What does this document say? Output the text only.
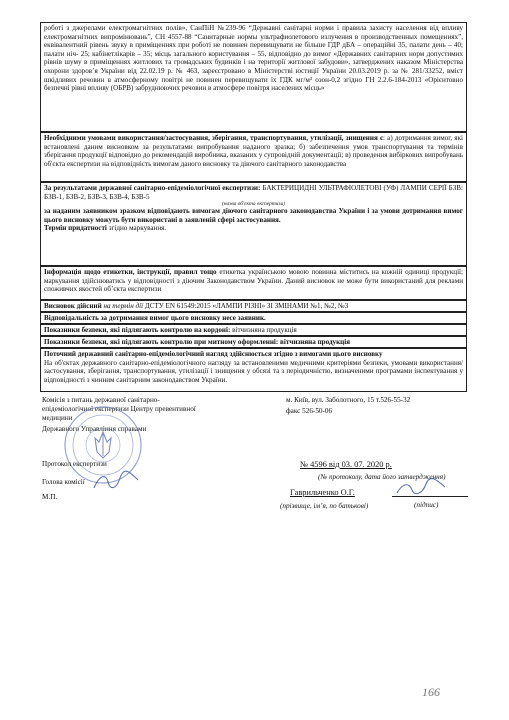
роботі з джерелами електромагнітних полів», СанПіН №239-96 “Державні санітарні норми і правила захисту населення від впливу електромагнітних випромінювань”, СН 4557-88 “Санитарные нормы ультрафиолетового излучения в производственных помещениях”, еквівалентний рівень звуку в приміщеннях при роботі не повинен перевищувати не більше ГДР дБА – операційні 35, палати день – 40; палати ніч- 25; кабінетлікарів – 35; місць загального користування – 55, відповідно до вимог «Державних санітарних норм допустимих рівнів шуму в приміщеннях житлових та громадських будинків і на території житлової забудови», затверджених наказом Міністерства охорони здоров’я України від 22.02.19 р. № 463, зареєстровано в Міністерстві юстиції України 20.03.2019 р. за № 281/33252, вміст шкідливих речовин в атмосферному повітрі не повинен перевищувати їх ГДК мг/м³ озон-0,2 згідно ГН 2.2.6-184-2013 «Орієнтовно безпечні рівні впливу (ОБРВ) забруднюючих речовин в атмосфере повітря населених місць»
Необхідними умовами використання/застосування, зберігання, транспортування, утилізації, знищення є: а) дотримання вимог, які встановлені даним висновком за результатами випробування наданого зразка; б) забезпечення умов транспортування та термінів зберігання продукції відповідно до рекомендацій виробника, вказаних у супровідній документації; в) проведення вибіркових випробувань об'єкта експертизи на відповідність вимогам даного висновку та діючого санітарного законодавства
За результатами державної санітарно-епідеміологічної експертизи: БАКТЕРИЦИДНІ УЛЬТРАФІОЛЕТОВІ (УФ) ЛАМПИ СЕРІЇ БЗВ: БЗВ-1, БЗВ-2, БЗВ-3, БЗВ-4, БЗВ-5
(назва об'єкта експертизи)
за наданим заявником зразком відповідають вимогам діючого санітарного законодавства України і за умови дотримання вимог цього висновку можуть бути використані в заявленій сфері застосування.
Термін придатності згідно маркування.
Інформація щодо етикетки, інструкції, правил тощо етикетка українською мовою повинна міститись на кожній одиниці продукції; маркування здійснюватись у відповідності з діючим Законодавством України. Даний висновок не може бути використаний для реклами споживчих якостей об’єкта експертизи
Висновок дійсний на термін дії ДСТУ EN 61549:2015 «ЛАМПИ РІЗНІ» ЗІ ЗМІНАМИ №1, №2, №3
Відповідальність за дотримання вимог цього висновку несе заявник.
Показники безпеки, які підлягають контролю на кордоні: вітчизняна продукція
Показники безпеки, які підлягають контролю при митному оформленні: вітчизняна продукція
Поточний державний санітарно-епідеміологічний нагляд здійснюється згідно з вимогами цього висновку
На об'єктах державного санітарно-епідеміологічного нагляду за встановленими медичними критеріями безпеки, умовами використання/застосування, зберігання, транспортування, утилізації і знищення у обсязі та з періодичністю, визначеними програмами інспектування у відповідності з чинним санітарним законодавством України.
Комісія з питань державної санітарно-
епідеміологічної експертизи Центру превентивної
медицини
Державного Управління справами
м. Київ, вул. Заболотного, 15 т.526-55-32
факс 526-50-06
Протокол експертизи
Голова комісії
М.П.
№ 4596 від 03. 07. 2020 р.
(№ протоколу, дата його затвердження)
Гаврильченко О.Г.
(прізвище, ім’я, по батькові)	(підпис)
166
